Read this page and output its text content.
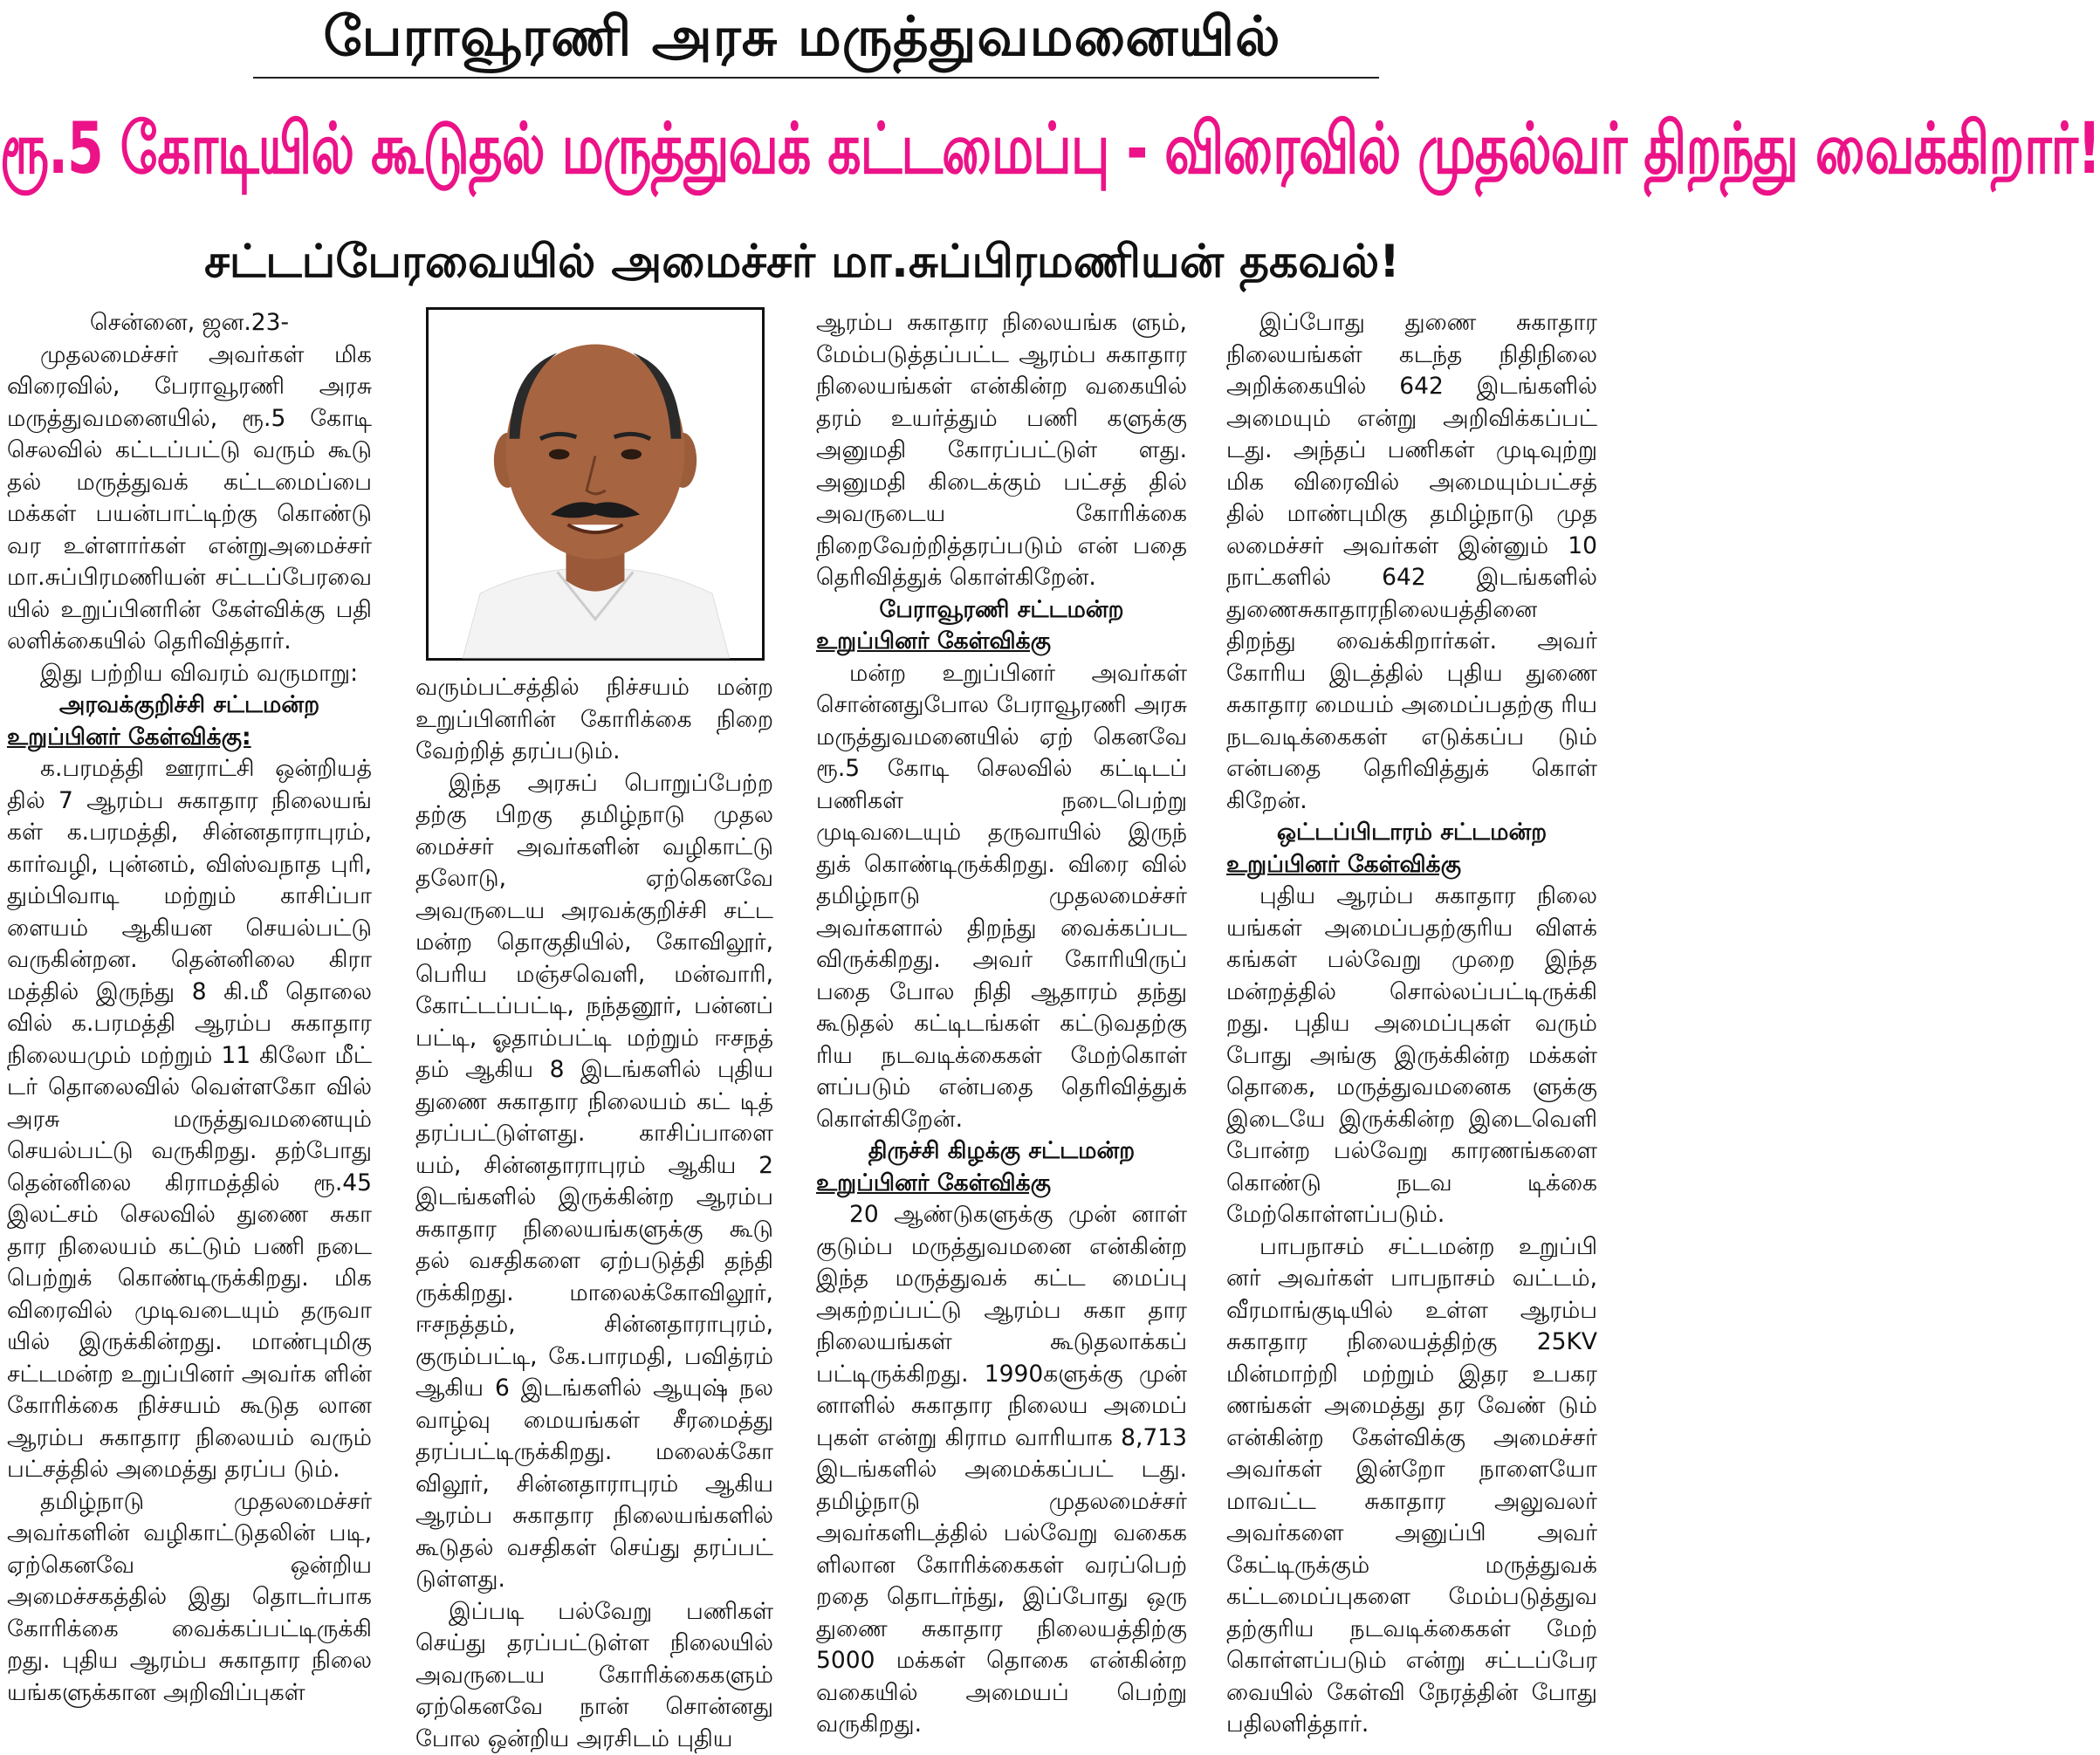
பேராவூரணி அரசு மருத்துவமனையில்
ரூ.5 கோடியில் கூடுதல் மருத்துவக் கட்டமைப்பு - விரைவில் முதல்வர் திறந்து வைக்கிறார்!
சட்டப்பேரவையில் அமைச்சர் மா.சுப்பிரமணியன் தகவல்!

சென்னை, ஜன.23-

முதலமைச்சர் அவர்கள் மிக விரைவில், பேராவூரணி அரசு மருத்துவமனையில், ரூ.5 கோடி செலவில் கட்டப்பட்டு வரும் கூடு தல் மருத்துவக் கட்டமைப்பை மக்கள் பயன்பாட்டிற்கு கொண்டு வர உள்ளார்கள் என்றுஅமைச்சர் மா.சுப்பிரமணியன் சட்டப்பேரவை யில் உறுப்பினரின் கேள்விக்கு பதி லளிக்கையில் தெரிவித்தார்.

இது பற்றிய விவரம் வருமாறு:

அரவக்குறிச்சி சட்டமன்ற

உறுப்பினர் கேள்விக்கு:

க.பரமத்தி ஊராட்சி ஒன்றியத் தில் 7 ஆரம்ப சுகாதார நிலையங் கள் க.பரமத்தி, சின்னதாராபுரம், கார்வழி, புன்னம், விஸ்வநாத புரி, தும்பிவாடி மற்றும் காசிப்பா ளையம் ஆகியன செயல்பட்டு வருகின்றன. தென்னிலை கிரா மத்தில் இருந்து 8 கி.மீ தொலை வில் க.பரமத்தி ஆரம்ப சுகாதார நிலையமும் மற்றும் 11 கிலோ மீட் டர் தொலைவில் வெள்ளகோ வில் அரசு மருத்துவமனையும் செயல்பட்டு வருகிறது. தற்போது தென்னிலை கிராமத்தில் ரூ.45 இலட்சம் செலவில் துணை சுகா தார நிலையம் கட்டும் பணி நடை பெற்றுக் கொண்டிருக்கிறது. மிக விரைவில் முடிவடையும் தருவா யில் இருக்கின்றது. மாண்புமிகு சட்டமன்ற உறுப்பினர் அவர்க ளின் கோரிக்கை நிச்சயம் கூடுத லான ஆரம்ப சுகாதார நிலையம் வரும் பட்சத்தில் அமைத்து தரப்ப டும்.

தமிழ்நாடு முதலமைச்சர் அவர்களின் வழிகாட்டுதலின் படி, ஏற்கெனவே ஒன்றிய அமைச்சகத்தில் இது தொடர்பாக கோரிக்கை வைக்கப்பட்டிருக்கி றது. புதிய ஆரம்ப சுகாதார நிலை யங்களுக்கான அறிவிப்புகள்

வரும்பட்சத்தில் நிச்சயம் மன்ற உறுப்பினரின் கோரிக்கை நிறை வேற்றித் தரப்படும்.

இந்த அரசுப் பொறுப்பேற்ற தற்கு பிறகு தமிழ்நாடு முதல மைச்சர் அவர்களின் வழிகாட்டு தலோடு, ஏற்கெனவே அவருடைய அரவக்குறிச்சி சட்ட மன்ற தொகுதியில், கோவிலூர், பெரிய மஞ்சவெளி, மன்வாரி, கோட்டப்பட்டி, நந்தனூர், பன்னப் பட்டி, ஓதாம்பட்டி மற்றும் ஈசநத் தம் ஆகிய 8 இடங்களில் புதிய துணை சுகாதார நிலையம் கட் டித் தரப்பட்டுள்ளது. காசிப்பாளை யம், சின்னதாராபுரம் ஆகிய 2 இடங்களில் இருக்கின்ற ஆரம்ப சுகாதார நிலையங்களுக்கு கூடு தல் வசதிகளை ஏற்படுத்தி தந்தி ருக்கிறது. மாலைக்கோவிலூர், ஈசநத்தம், சின்னதாராபுரம், குரும்பட்டி, கே.பாரமதி, பவித்ரம் ஆகிய 6 இடங்களில் ஆயுஷ் நல வாழ்வு மையங்கள் சீரமைத்து தரப்பட்டிருக்கிறது. மலைக்கோ விலூர், சின்னதாராபுரம் ஆகிய ஆரம்ப சுகாதார நிலையங்களில் கூடுதல் வசதிகள் செய்து தரப்பட் டுள்ளது.

இப்படி பல்வேறு பணிகள் செய்து தரப்பட்டுள்ள நிலையில் அவருடைய கோரிக்கைகளும் ஏற்கெனவே நான் சொன்னது போல ஒன்றிய அரசிடம் புதிய

ஆரம்ப சுகாதார நிலையங்க ளும், மேம்படுத்தப்பட்ட ஆரம்ப சுகாதார நிலையங்கள் என்கின்ற வகையில் தரம் உயர்த்தும் பணி களுக்கு அனுமதி கோரப்பட்டுள் ளது. அனுமதி கிடைக்கும் பட்சத் தில் அவருடைய கோரிக்கை நிறைவேற்றித்தரப்படும் என் பதை தெரிவித்துக் கொள்கிறேன்.

பேராவூரணி சட்டமன்ற

உறுப்பினர் கேள்விக்கு

மன்ற உறுப்பினர் அவர்கள் சொன்னதுபோல பேராவூரணி அரசு மருத்துவமனையில் ஏற் கெனவே ரூ.5 கோடி செலவில் கட்டிடப் பணிகள் நடைபெற்று முடிவடையும் தருவாயில் இருந் துக் கொண்டிருக்கிறது. விரை வில் தமிழ்நாடு முதலமைச்சர் அவர்களால் திறந்து வைக்கப்பட விருக்கிறது. அவர் கோரியிருப் பதை போல நிதி ஆதாரம் தந்து கூடுதல் கட்டிடங்கள் கட்டுவதற்கு ரிய நடவடிக்கைகள் மேற்கொள் ளப்படும் என்பதை தெரிவித்துக் கொள்கிறேன்.

திருச்சி கிழக்கு சட்டமன்ற

உறுப்பினர் கேள்விக்கு

20 ஆண்டுகளுக்கு முன் னாள் குடும்ப மருத்துவமனை என்கின்ற இந்த மருத்துவக் கட்ட மைப்பு அகற்றப்பட்டு ஆரம்ப சுகா தார நிலையங்கள் கூடுதலாக்கப் பட்டிருக்கிறது. 1990களுக்கு முன் னாளில் சுகாதார நிலைய அமைப் புகள் என்று கிராம வாரியாக 8,713 இடங்களில் அமைக்கப்பட் டது. தமிழ்நாடு முதலமைச்சர் அவர்களிடத்தில் பல்வேறு வகைக ளிலான கோரிக்கைகள் வரப்பெற் றதை தொடர்ந்து, இப்போது ஒரு துணை சுகாதார நிலையத்திற்கு 5000 மக்கள் தொகை என்கின்ற வகையில் அமையப் பெற்று வருகிறது.

இப்போது துணை சுகாதார நிலையங்கள் கடந்த நிதிநிலை அறிக்கையில் 642 இடங்களில் அமையும் என்று அறிவிக்கப்பட் டது. அந்தப் பணிகள் முடிவுற்று மிக விரைவில் அமையும்பட்சத் தில் மாண்புமிகு தமிழ்நாடு முத லமைச்சர் அவர்கள் இன்னும் 10 நாட்களில் 642 இடங்களில் துணைசுகாதாரநிலையத்தினை திறந்து வைக்கிறார்கள். அவர் கோரிய இடத்தில் புதிய துணை சுகாதார மையம் அமைப்பதற்கு ரிய நடவடிக்கைகள் எடுக்கப்ப டும் என்பதை தெரிவித்துக் கொள் கிறேன்.

ஒட்டப்பிடாரம் சட்டமன்ற

உறுப்பினர் கேள்விக்கு

புதிய ஆரம்ப சுகாதார நிலை யங்கள் அமைப்பதற்குரிய விளக் கங்கள் பல்வேறு முறை இந்த மன்றத்தில் சொல்லப்பட்டிருக்கி றது. புதிய அமைப்புகள் வரும் போது அங்கு இருக்கின்ற மக்கள் தொகை, மருத்துவமனைக ளுக்கு இடையே இருக்கின்ற இடைவெளி போன்ற பல்வேறு காரணங்களை கொண்டு நடவ டிக்கை மேற்கொள்ளப்படும்.

பாபநாசம் சட்டமன்ற உறுப்பி னர் அவர்கள் பாபநாசம் வட்டம், வீரமாங்குடியில் உள்ள ஆரம்ப சுகாதார நிலையத்திற்கு 25KV மின்மாற்றி மற்றும் இதர உபகர ணங்கள் அமைத்து தர வேண் டும் என்கின்ற கேள்விக்கு அமைச்சர் அவர்கள் இன்றோ நாளையோ மாவட்ட சுகாதார அலுவலர் அவர்களை அனுப்பி அவர் கேட்டிருக்கும் மருத்துவக் கட்டமைப்புகளை மேம்படுத்துவ தற்குரிய நடவடிக்கைகள் மேற் கொள்ளப்படும் என்று சட்டப்பேர வையில் கேள்வி நேரத்தின் போது பதிலளித்தார்.
